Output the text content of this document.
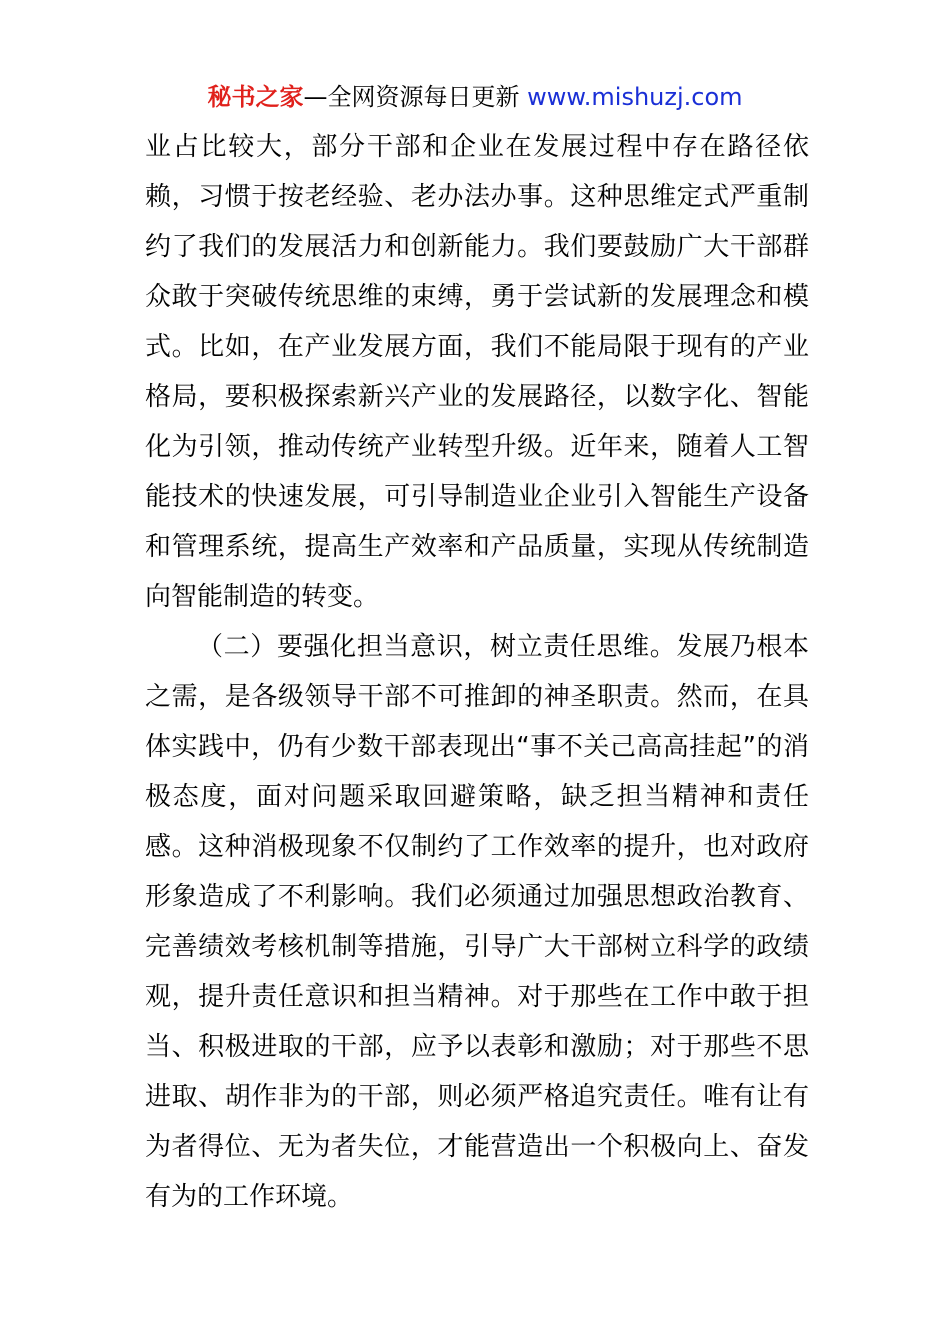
秘书之家—全网资源每日更新 www.mishuzj.com

业占比较大，部分干部和企业在发展过程中存在路径依赖，习惯于按老经验、老办法办事。这种思维定式严重制约了我们的发展活力和创新能力。我们要鼓励广大干部群众敢于突破传统思维的束缚，勇于尝试新的发展理念和模式。比如，在产业发展方面，我们不能局限于现有的产业格局，要积极探索新兴产业的发展路径，以数字化、智能化为引领，推动传统产业转型升级。近年来，随着人工智能技术的快速发展，可引导制造业企业引入智能生产设备和管理系统，提高生产效率和产品质量，实现从传统制造向智能制造的转变。

（二）要强化担当意识，树立责任思维。发展乃根本之需，是各级领导干部不可推卸的神圣职责。然而，在具体实践中，仍有少数干部表现出“事不关己高高挂起”的消极态度，面对问题采取回避策略，缺乏担当精神和责任感。这种消极现象不仅制约了工作效率的提升，也对政府形象造成了不利影响。我们必须通过加强思想政治教育、完善绩效考核机制等措施，引导广大干部树立科学的政绩观，提升责任意识和担当精神。对于那些在工作中敢于担当、积极进取的干部，应予以表彰和激励；对于那些不思进取、胡作非为的干部，则必须严格追究责任。唯有让有为者得位、无为者失位，才能营造出一个积极向上、奋发有为的工作环境。
